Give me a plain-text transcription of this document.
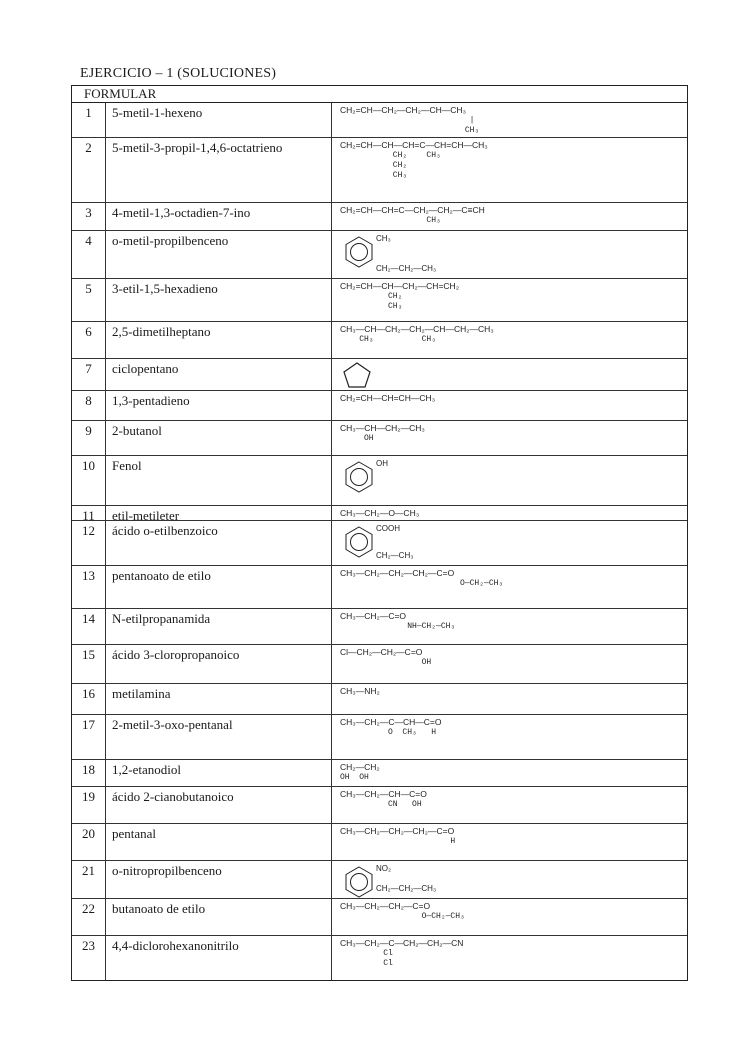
EJERCICIO – 1 (SOLUCIONES)
FORMULAR
1	5-metil-1-hexeno	CH₂=CH—CH₂—CH₂—CH—CH₃
|
CH₃
2	5-metil-3-propil-1,4,6-octatrieno	CH₂=CH—CH—CH=C—CH=CH—CH₃
CH₂    CH₃
CH₂
CH₃
3	4-metil-1,3-octadien-7-ino	CH₂=CH—CH=C—CH₂—CH₂—C≡CH
CH₃
4	o-metil-propilbenceno	CH₃
CH₂—CH₂—CH₃
5	3-etil-1,5-hexadieno	CH₂=CH—CH—CH₂—CH=CH₂
CH₂
CH₃
6	2,5-dimetilheptano	CH₃—CH—CH₂—CH₂—CH—CH₂—CH₃
CH₃          CH₃
7	ciclopentano
8	1,3-pentadieno	CH₂=CH—CH=CH—CH₃
9	2-butanol	CH₃—CH—CH₂—CH₃
OH
10	Fenol	OH
11	etil-metileter	CH₃—CH₂—O—CH₃
12	ácido o-etilbenzoico	COOH
CH₂—CH₃
13	pentanoato de etilo	CH₃—CH₂—CH₂—CH₂—C=O
O—CH₂—CH₃
14	N-etilpropanamida	CH₃—CH₂—C=O
NH—CH₂—CH₃
15	ácido 3-cloropropanoico	Cl—CH₂—CH₂—C=O
OH
16	metilamina	CH₃—NH₂
17	2-metil-3-oxo-pentanal	CH₃—CH₂—C—CH—C=O
O  CH₃   H
18	1,2-etanodiol	CH₂—CH₂
OH  OH
19	ácido 2-cianobutanoico	CH₃—CH₂—CH—C=O
CN   OH
20	pentanal	CH₃—CH₂—CH₂—CH₂—C=O
H
21	o-nitropropilbenceno	NO₂
CH₂—CH₂—CH₃
22	butanoato de etilo	CH₃—CH₂—CH₂—C=O
O—CH₂—CH₃
23	4,4-diclorohexanonitrilo	CH₃—CH₂—C—CH₂—CH₂—CN
Cl
Cl
